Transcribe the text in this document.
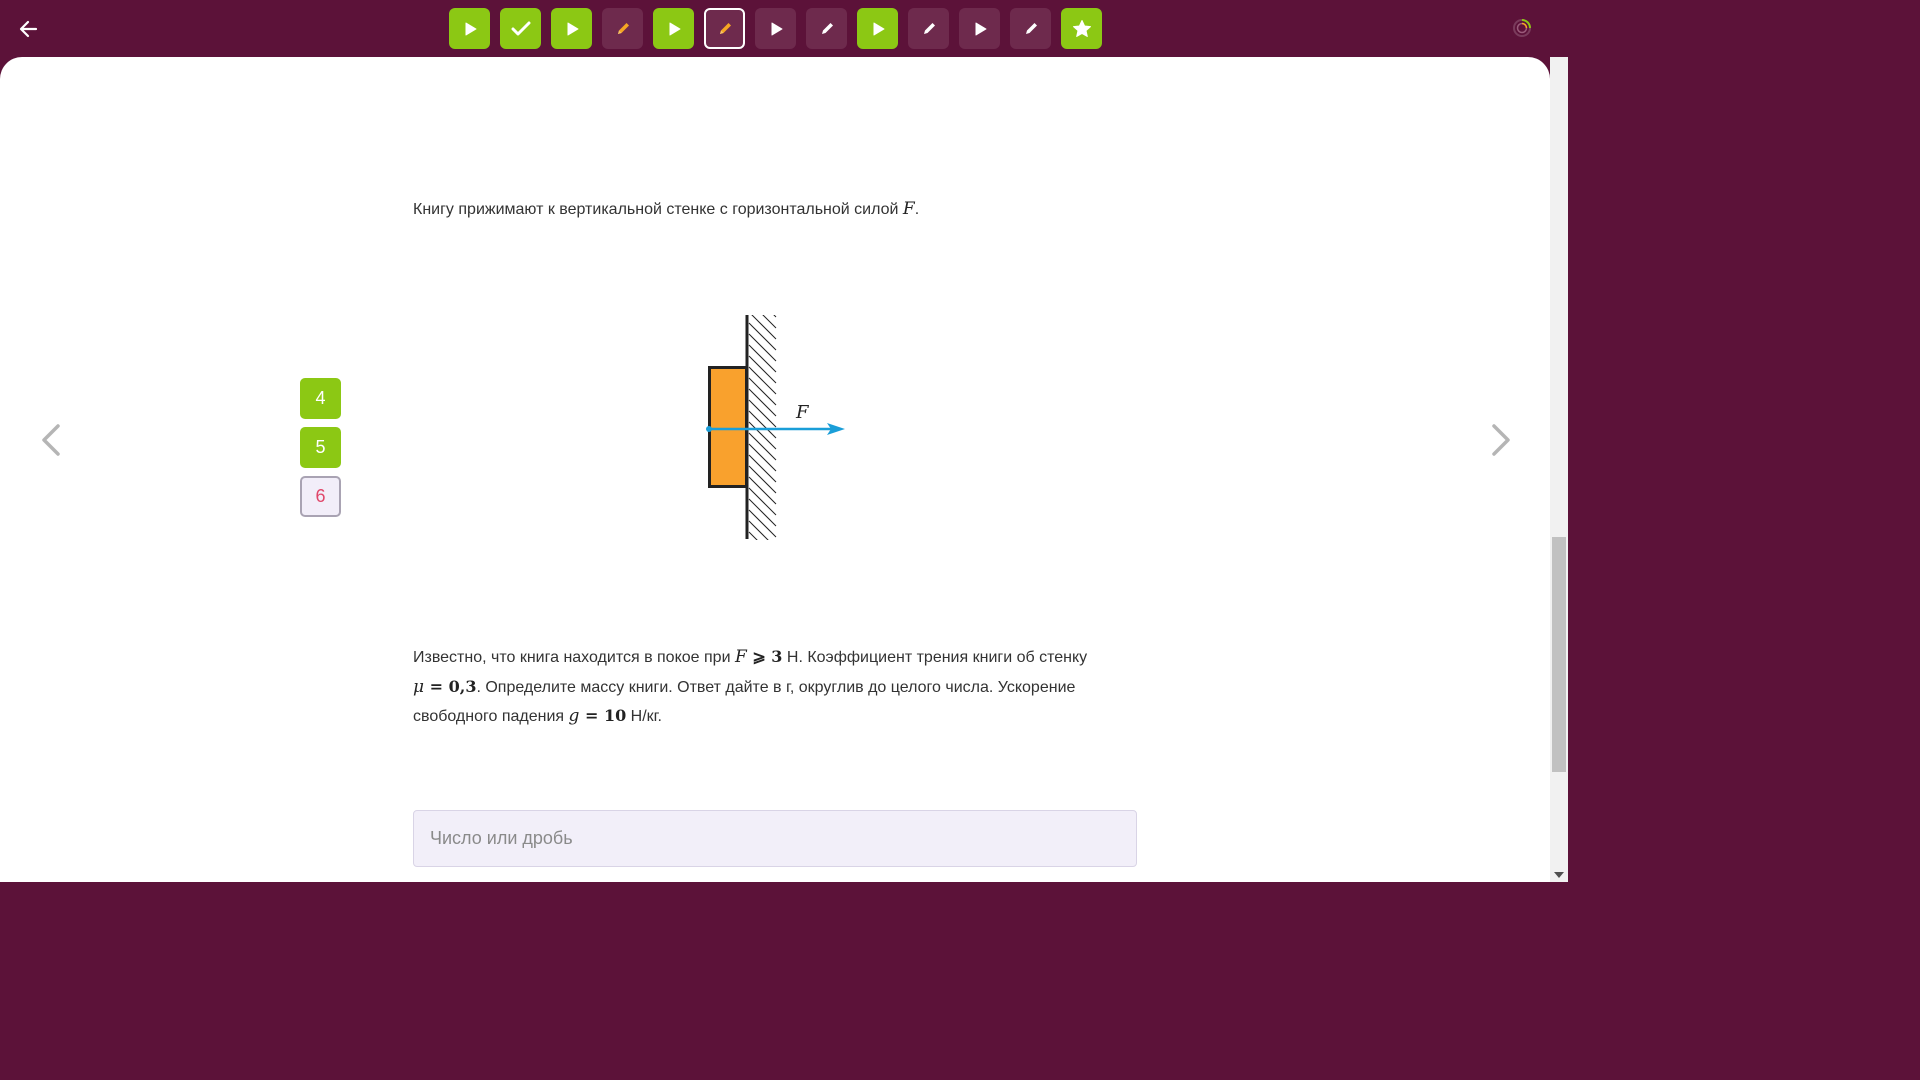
4
5
6
Книгу прижимают к вертикальной стенке с горизонтальной силой F.
F
Известно, что книга находится в покое при F ⩾ 3 Н. Коэффициент трения книги об стенку
μ = 0,3. Определите массу книги. Ответ дайте в г, округлив до целого числа. Ускорение свободного падения g = 10 Н/кг.
Число или дробь
